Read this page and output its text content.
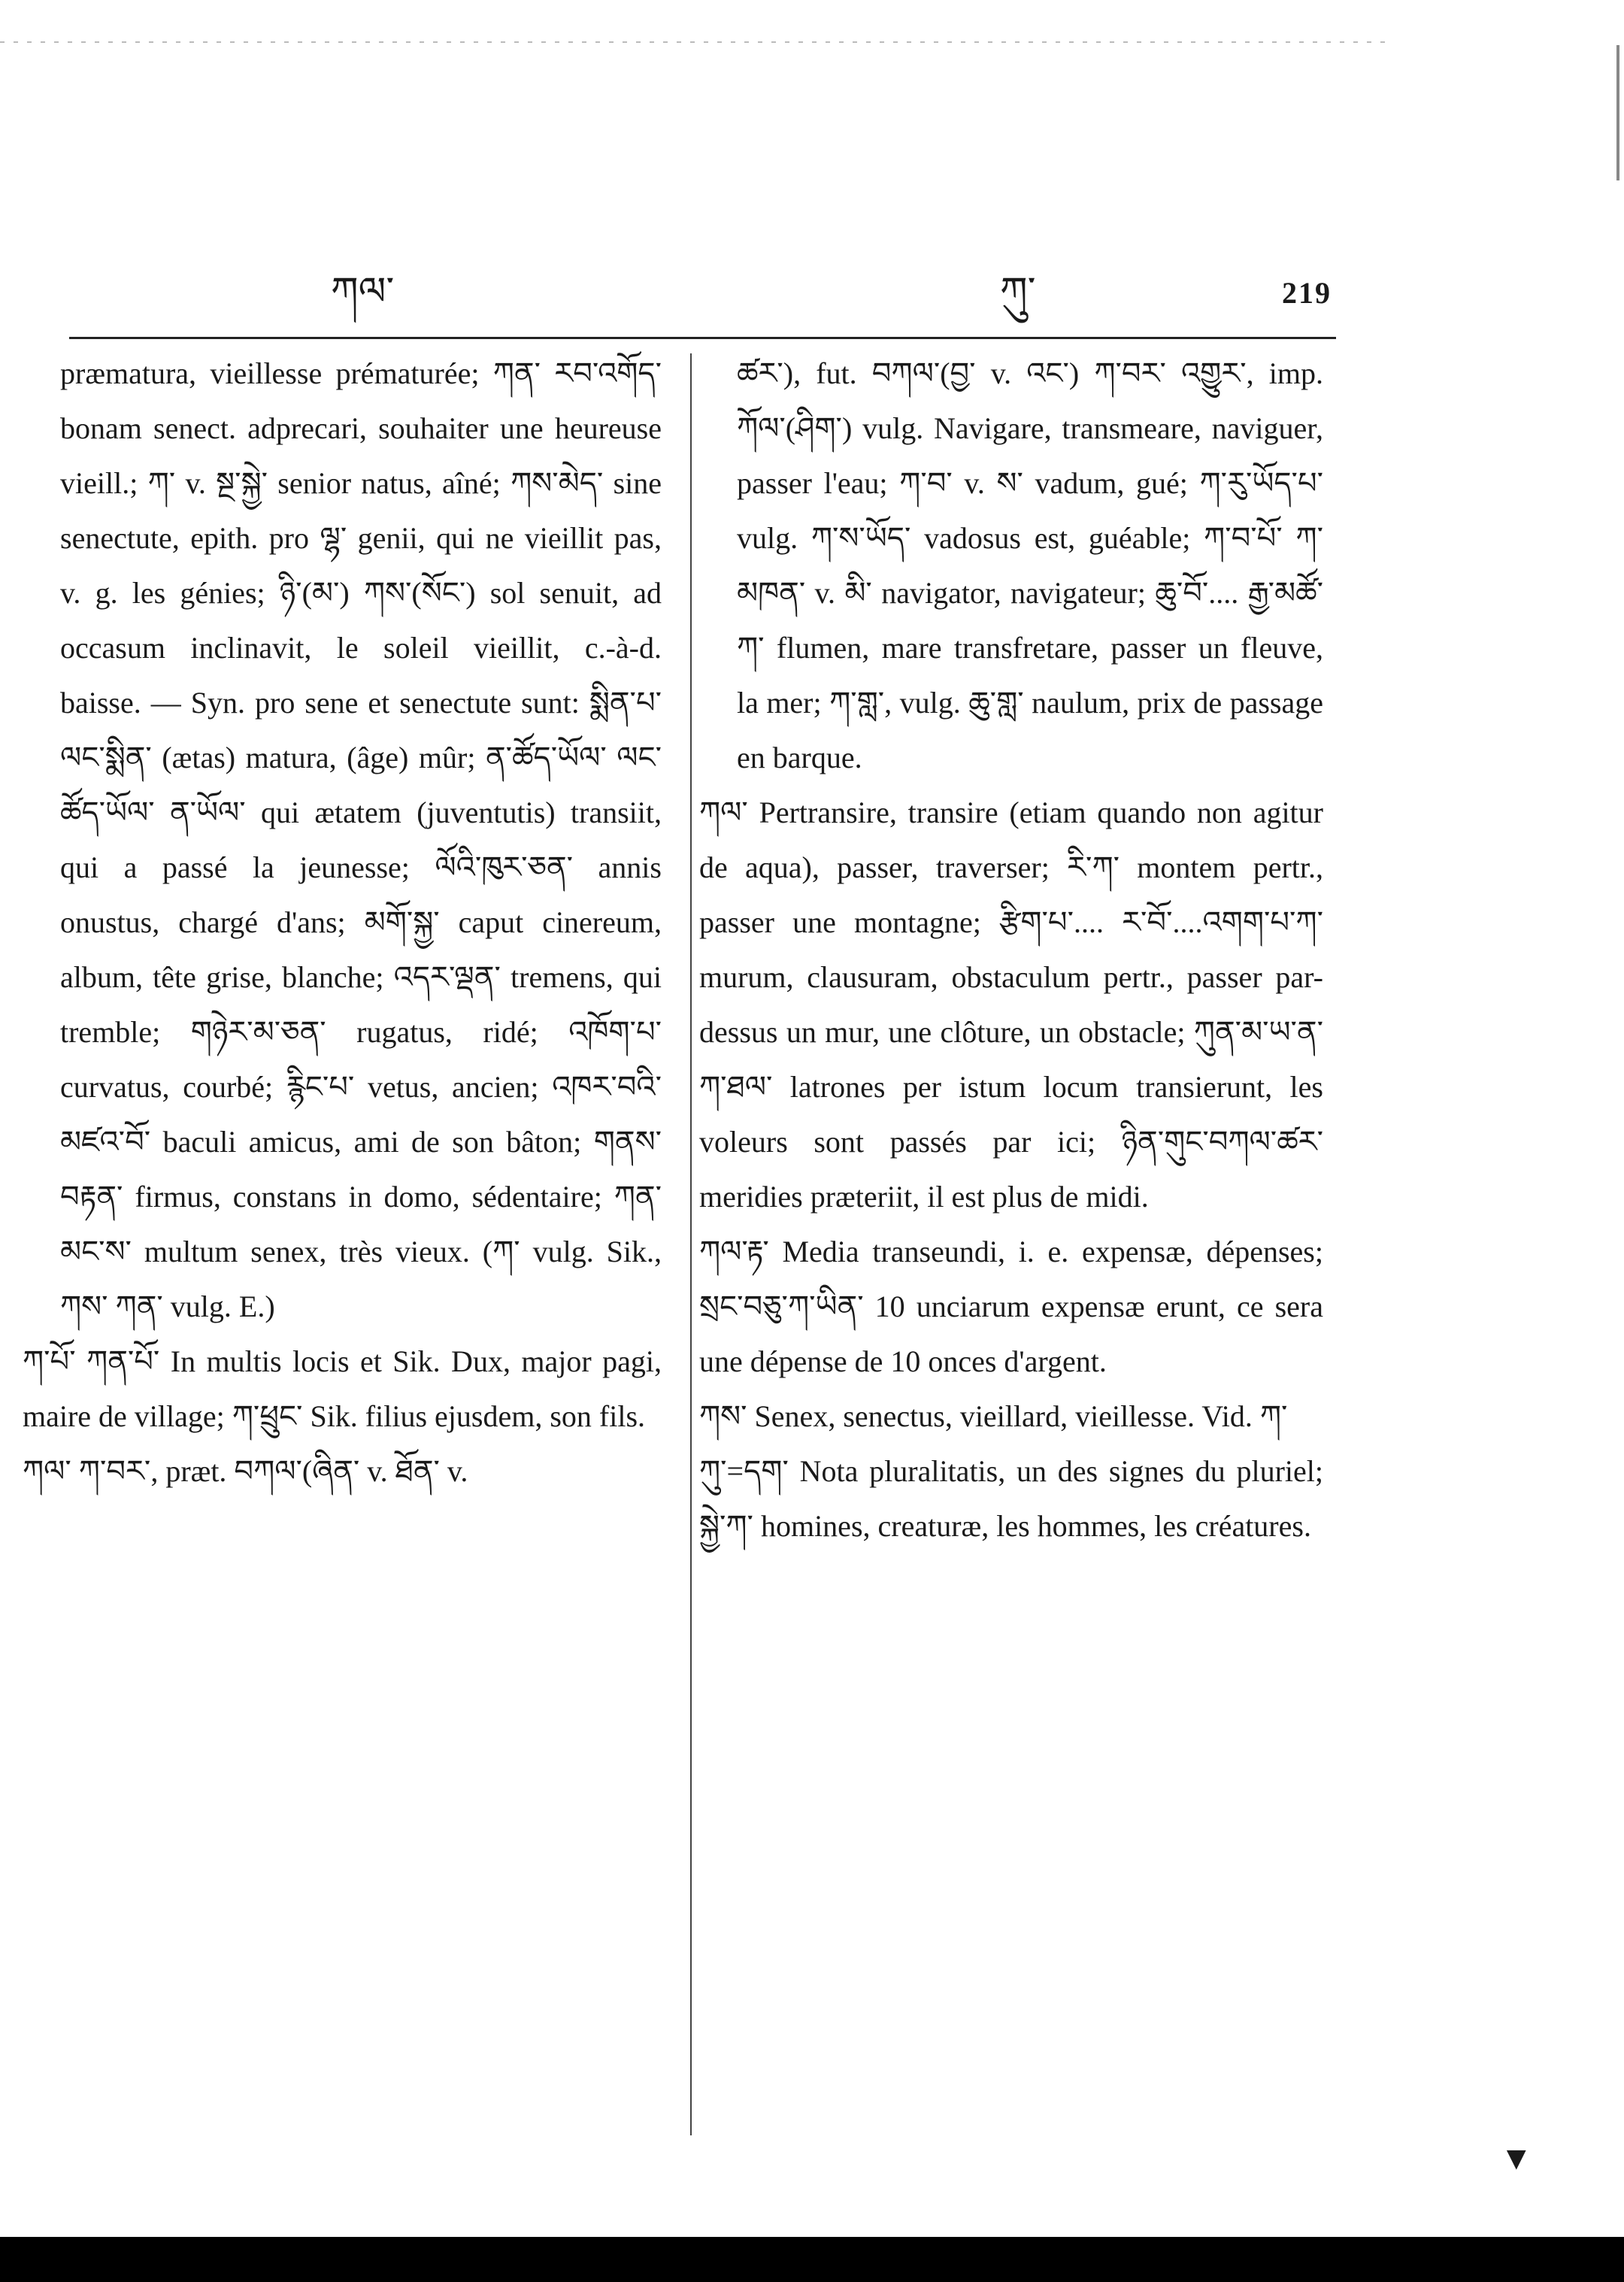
ཀལ་	ཀུ་	219

præmatura, vieillesse prématurée; ཀན་ རབ་འགོད་ bonam senect. adprecari, souhaiter une heureuse vieill.; ཀ་ v. སྔ་སྐྱེ་ senior natus, aîné; ཀས་མེད་ sine senectute, epith. pro ལྷ་ genii, qui ne vieillit pas, v. g. les génies; ཉི་(མ་) ཀས་(སོང་) sol senuit, ad occasum inclinavit, le soleil vieillit, c.-à-d. baisse. — Syn. pro sene et senectute sunt: སྨིན་པ་ ལང་སྨིན་ (ætas) matura, (âge) mûr; ན་ཚོད་ཡོལ་ ལང་ཚོད་ཡོལ་ ན་ཡོལ་ qui ætatem (juventutis) transiit, qui a passé la jeunesse; ལོའི་ཁུར་ཅན་ annis onustus, chargé d'ans; མགོ་སྐྱ་ caput cinereum, album, tête grise, blanche; འདར་ལྡན་ tremens, qui tremble; གཉེར་མ་ཅན་ rugatus, ridé; འཁོག་པ་ curvatus, courbé; རྙིང་པ་ vetus, ancien; འཁར་བའི་མཛའ་བོ་ baculi amicus, ami de son bâton; གནས་བརྟན་ firmus, constans in domo, sédentaire; ཀན་མང་ས་ multum senex, très vieux. (ཀ་ vulg. Sik., ཀས་ ཀན་ vulg. E.)

ཀ་པོ་ ཀན་པོ་ In multis locis et Sik. Dux, major pagi, maire de village; ཀ་ཕྲུང་ Sik. filius ejusdem, son fils.

ཀལ་ ཀ་བར་, præt. བཀལ་(ཞིན་ v. ཐོན་ v.

ཚར་), fut. བཀལ་(བྱ་ v. འང་) ཀ་བར་ འགྱུར་, imp. ཀོལ་(ཤིག་) vulg. Navigare, transmeare, naviguer, passer l'eau; ཀ་བ་ v. ས་ vadum, gué; ཀ་རུ་ཡོད་པ་ vulg. ཀ་ས་ཡོད་ vadosus est, guéable; ཀ་བ་པོ་ ཀ་མཁན་ v. མི་ navigator, navigateur; ཆུ་བོ་.... རྒྱ་མཚོ་ཀ་ flumen, mare transfretare, passer un fleuve, la mer; ཀ་གླ་, vulg. ཆུ་གླ་ naulum, prix de passage en barque.

ཀལ་ Pertransire, transire (etiam quando non agitur de aqua), passer, traverser; རི་ཀ་ montem pertr., passer une montagne; རྩིག་པ་.... ར་བོ་....འགག་པ་ཀ་ murum, clausuram, obstaculum pertr., passer par-dessus un mur, une clôture, un obstacle; ཀུན་མ་ཡ་ན་ཀ་ཐལ་ latrones per istum locum transierunt, les voleurs sont passés par ici; ཉིན་གུང་བཀལ་ཚར་ meridies præteriit, il est plus de midi.

ཀལ་རྟ་ Media transeundi, i. e. expensæ, dépenses; སྲང་བཅུ་ཀ་ཡིན་ 10 unciarum expensæ erunt, ce sera une dépense de 10 onces d'argent.

ཀས་ Senex, senectus, vieillard, vieillesse. Vid. ཀ་

ཀུ་=དག་ Nota pluralitatis, un des signes du pluriel; སྐྱེ་ཀ་ homines, creaturæ, les hommes, les créatures.

▼
